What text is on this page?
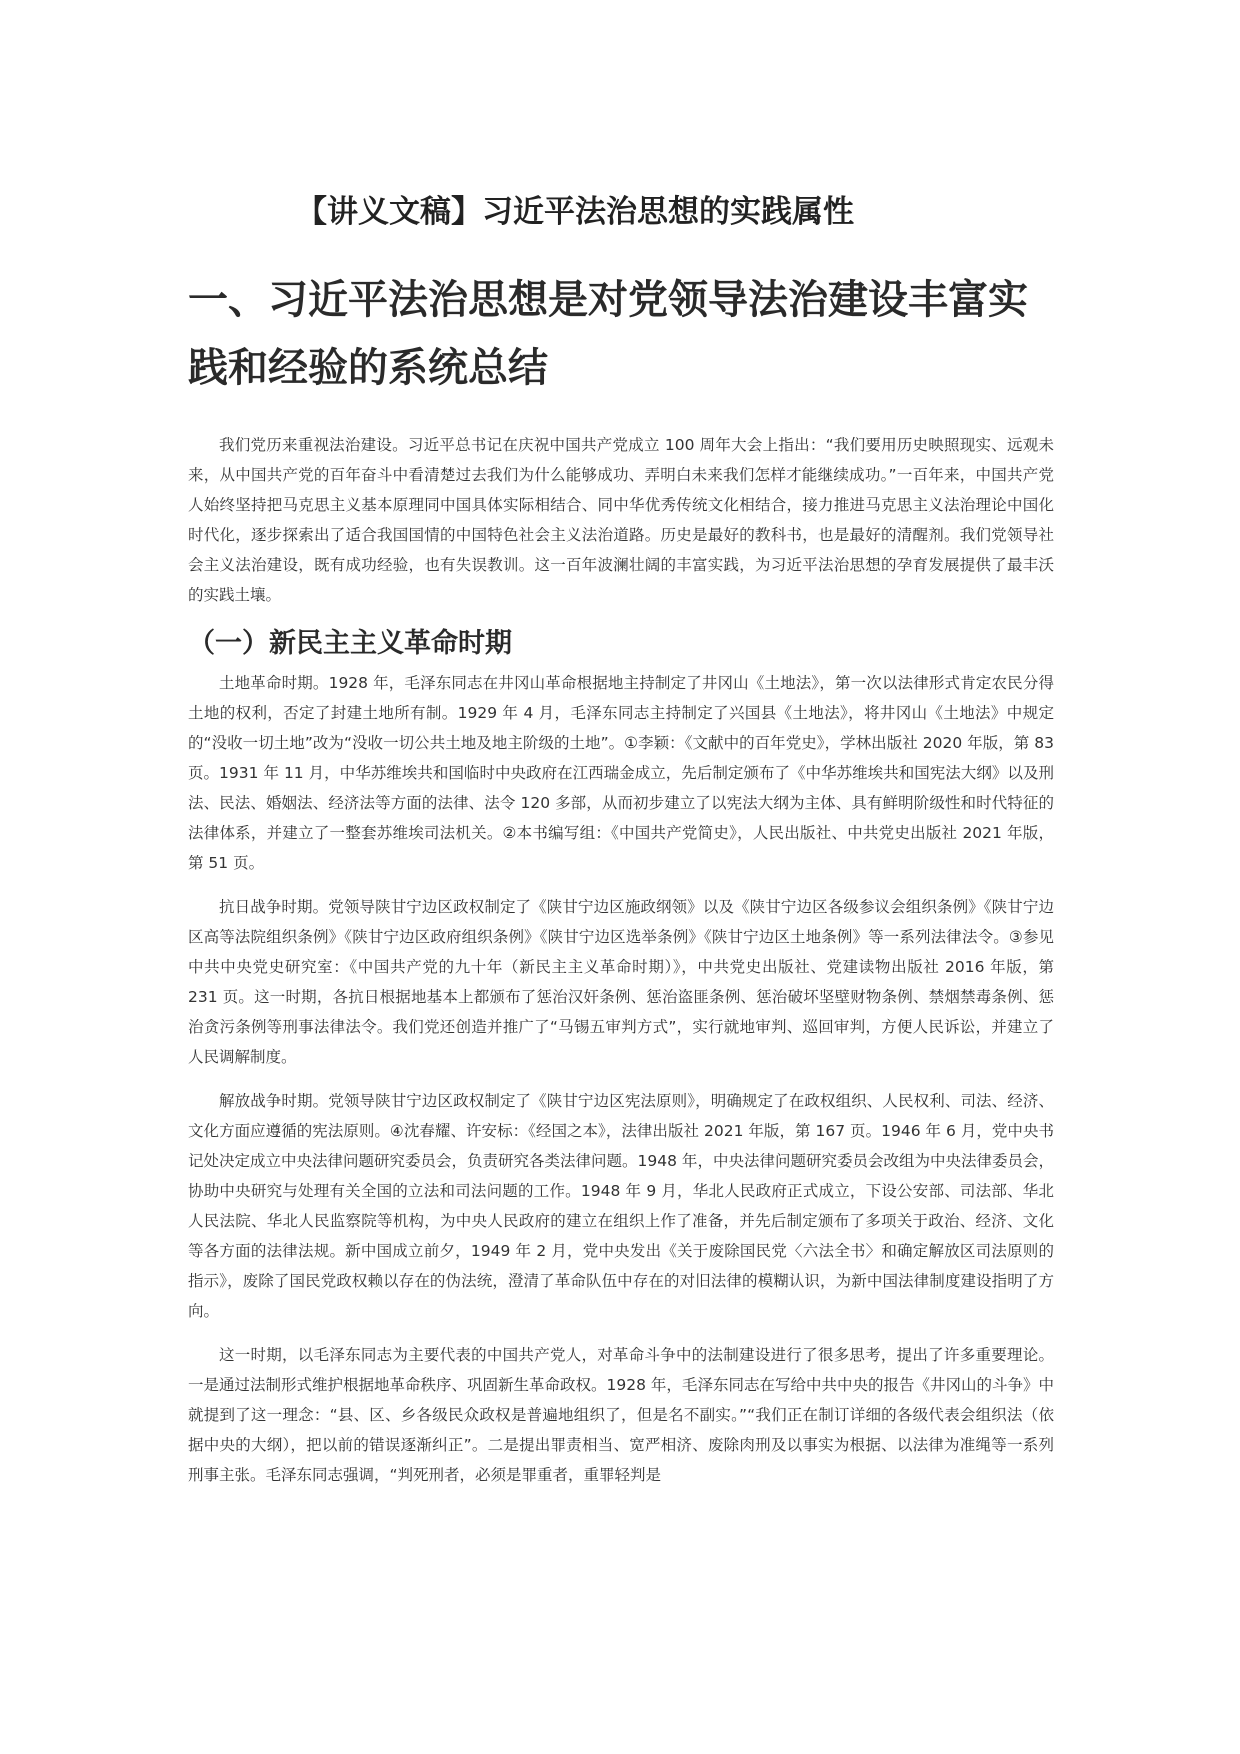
【讲义文稿】习近平法治思想的实践属性
一、习近平法治思想是对党领导法治建设丰富实践和经验的系统总结

我们党历来重视法治建设。习近平总书记在庆祝中国共产党成立 100 周年大会上指出：“我们要用历史映照现实、远观未来，从中国共产党的百年奋斗中看清楚过去我们为什么能够成功、弄明白未来我们怎样才能继续成功。”一百年来，中国共产党人始终坚持把马克思主义基本原理同中国具体实际相结合、同中华优秀传统文化相结合，接力推进马克思主义法治理论中国化时代化，逐步探索出了适合我国国情的中国特色社会主义法治道路。历史是最好的教科书，也是最好的清醒剂。我们党领导社会主义法治建设，既有成功经验，也有失误教训。这一百年波澜壮阔的丰富实践，为习近平法治思想的孕育发展提供了最丰沃的实践土壤。

（一）新民主主义革命时期

土地革命时期。1928 年，毛泽东同志在井冈山革命根据地主持制定了井冈山《土地法》，第一次以法律形式肯定农民分得土地的权利，否定了封建土地所有制。1929 年 4 月，毛泽东同志主持制定了兴国县《土地法》，将井冈山《土地法》中规定的“没收一切土地”改为“没收一切公共土地及地主阶级的土地”。①李颖：《文献中的百年党史》，学林出版社 2020 年版，第 83 页。1931 年 11 月，中华苏维埃共和国临时中央政府在江西瑞金成立，先后制定颁布了《中华苏维埃共和国宪法大纲》以及刑法、民法、婚姻法、经济法等方面的法律、法令 120 多部，从而初步建立了以宪法大纲为主体、具有鲜明阶级性和时代特征的法律体系，并建立了一整套苏维埃司法机关。②本书编写组：《中国共产党简史》，人民出版社、中共党史出版社 2021 年版，第 51 页。

抗日战争时期。党领导陕甘宁边区政权制定了《陕甘宁边区施政纲领》以及《陕甘宁边区各级参议会组织条例》《陕甘宁边区高等法院组织条例》《陕甘宁边区政府组织条例》《陕甘宁边区选举条例》《陕甘宁边区土地条例》等一系列法律法令。③参见中共中央党史研究室：《中国共产党的九十年（新民主主义革命时期）》，中共党史出版社、党建读物出版社 2016 年版，第 231 页。这一时期，各抗日根据地基本上都颁布了惩治汉奸条例、惩治盗匪条例、惩治破坏坚壁财物条例、禁烟禁毒条例、惩治贪污条例等刑事法律法令。我们党还创造并推广了“马锡五审判方式”，实行就地审判、巡回审判，方便人民诉讼，并建立了人民调解制度。

解放战争时期。党领导陕甘宁边区政权制定了《陕甘宁边区宪法原则》，明确规定了在政权组织、人民权利、司法、经济、文化方面应遵循的宪法原则。④沈春耀、许安标：《经国之本》，法律出版社 2021 年版，第 167 页。1946 年 6 月，党中央书记处决定成立中央法律问题研究委员会，负责研究各类法律问题。1948 年，中央法律问题研究委员会改组为中央法律委员会，协助中央研究与处理有关全国的立法和司法问题的工作。1948 年 9 月，华北人民政府正式成立，下设公安部、司法部、华北人民法院、华北人民监察院等机构，为中央人民政府的建立在组织上作了准备，并先后制定颁布了多项关于政治、经济、文化等各方面的法律法规。新中国成立前夕，1949 年 2 月，党中央发出《关于废除国民党〈六法全书〉和确定解放区司法原则的指示》，废除了国民党政权赖以存在的伪法统，澄清了革命队伍中存在的对旧法律的模糊认识，为新中国法律制度建设指明了方向。

这一时期，以毛泽东同志为主要代表的中国共产党人，对革命斗争中的法制建设进行了很多思考，提出了许多重要理论。一是通过法制形式维护根据地革命秩序、巩固新生革命政权。1928 年，毛泽东同志在写给中共中央的报告《井冈山的斗争》中就提到了这一理念：“县、区、乡各级民众政权是普遍地组织了，但是名不副实。”“我们正在制订详细的各级代表会组织法（依据中央的大纲），把以前的错误逐渐纠正”。二是提出罪责相当、宽严相济、废除肉刑及以事实为根据、以法律为准绳等一系列刑事主张。毛泽东同志强调，“判死刑者，必须是罪重者，重罪轻判是
